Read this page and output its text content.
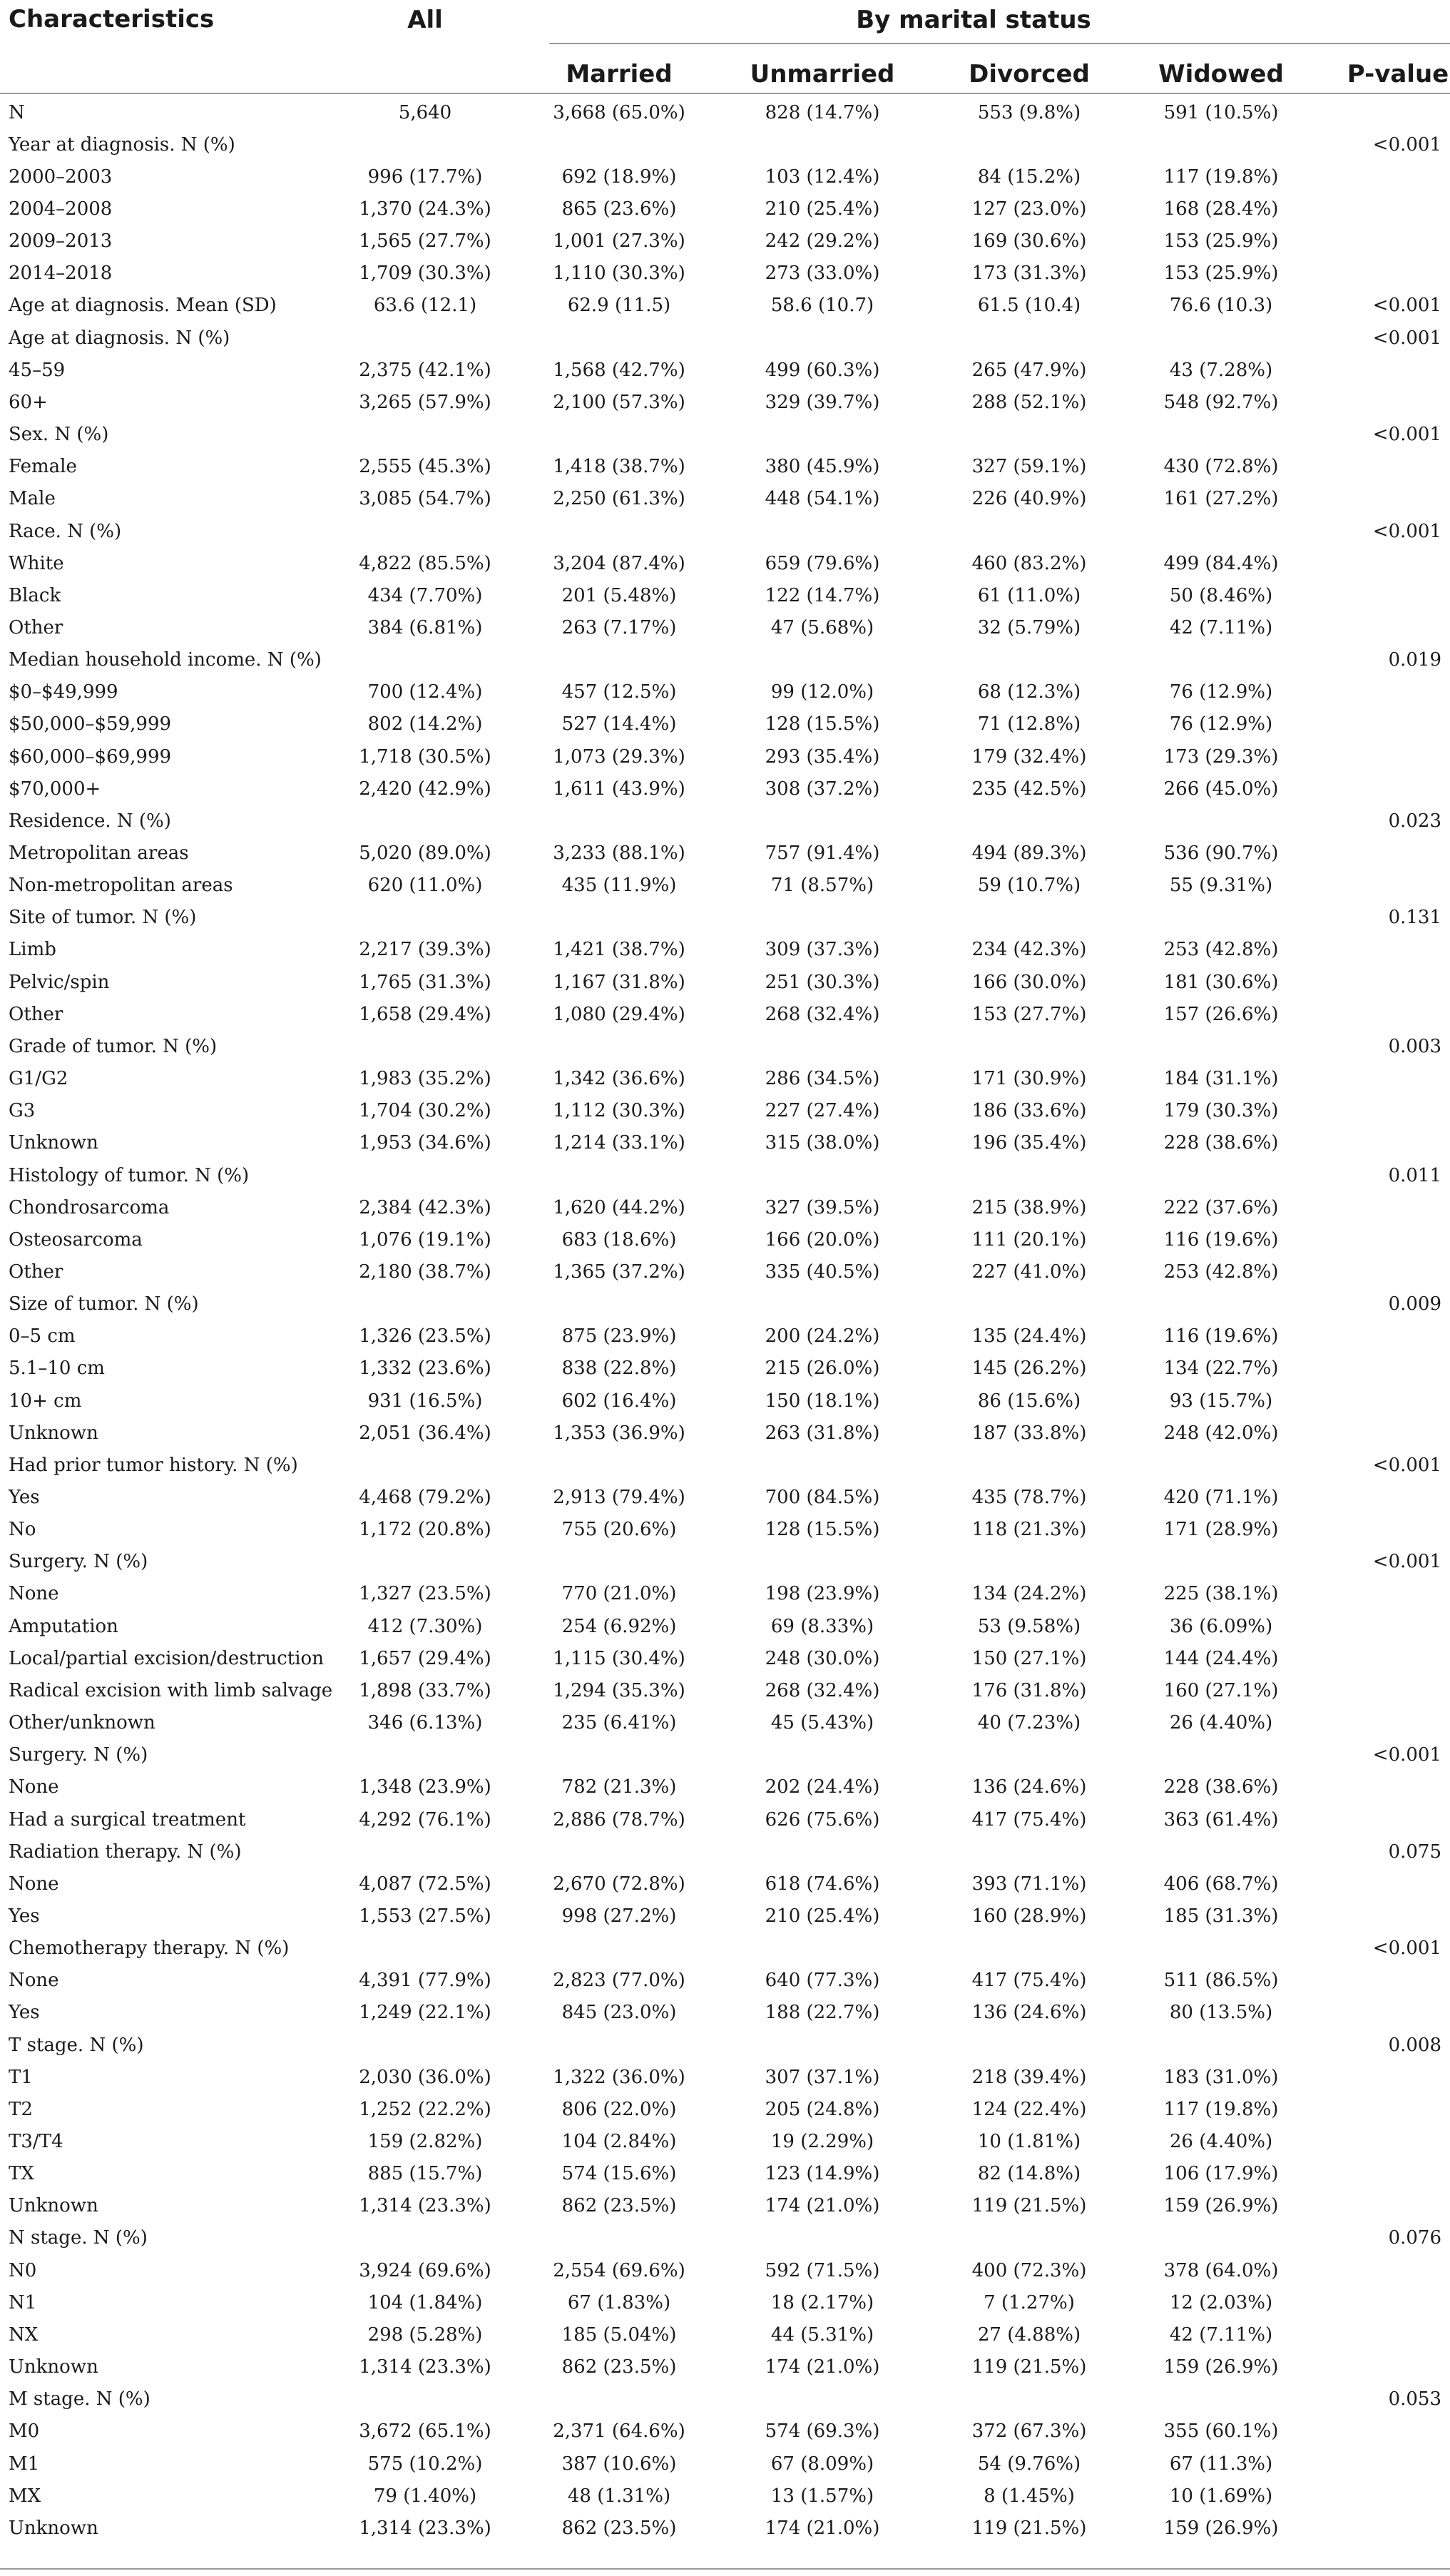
Characteristics	All	By marital status
Married	Unmarried	Divorced	Widowed	P-value
N	5,640	3,668 (65.0%)	828 (14.7%)	553 (9.8%)	591 (10.5%)
Year at diagnosis. N (%)	<0.001
2000–2003	996 (17.7%)	692 (18.9%)	103 (12.4%)	84 (15.2%)	117 (19.8%)
2004–2008	1,370 (24.3%)	865 (23.6%)	210 (25.4%)	127 (23.0%)	168 (28.4%)
2009–2013	1,565 (27.7%)	1,001 (27.3%)	242 (29.2%)	169 (30.6%)	153 (25.9%)
2014–2018	1,709 (30.3%)	1,110 (30.3%)	273 (33.0%)	173 (31.3%)	153 (25.9%)
Age at diagnosis. Mean (SD)	63.6 (12.1)	62.9 (11.5)	58.6 (10.7)	61.5 (10.4)	76.6 (10.3)	<0.001
Age at diagnosis. N (%)	<0.001
45–59	2,375 (42.1%)	1,568 (42.7%)	499 (60.3%)	265 (47.9%)	43 (7.28%)
60+	3,265 (57.9%)	2,100 (57.3%)	329 (39.7%)	288 (52.1%)	548 (92.7%)
Sex. N (%)	<0.001
Female	2,555 (45.3%)	1,418 (38.7%)	380 (45.9%)	327 (59.1%)	430 (72.8%)
Male	3,085 (54.7%)	2,250 (61.3%)	448 (54.1%)	226 (40.9%)	161 (27.2%)
Race. N (%)	<0.001
White	4,822 (85.5%)	3,204 (87.4%)	659 (79.6%)	460 (83.2%)	499 (84.4%)
Black	434 (7.70%)	201 (5.48%)	122 (14.7%)	61 (11.0%)	50 (8.46%)
Other	384 (6.81%)	263 (7.17%)	47 (5.68%)	32 (5.79%)	42 (7.11%)
Median household income. N (%)	0.019
$0–$49,999	700 (12.4%)	457 (12.5%)	99 (12.0%)	68 (12.3%)	76 (12.9%)
$50,000–$59,999	802 (14.2%)	527 (14.4%)	128 (15.5%)	71 (12.8%)	76 (12.9%)
$60,000–$69,999	1,718 (30.5%)	1,073 (29.3%)	293 (35.4%)	179 (32.4%)	173 (29.3%)
$70,000+	2,420 (42.9%)	1,611 (43.9%)	308 (37.2%)	235 (42.5%)	266 (45.0%)
Residence. N (%)	0.023
Metropolitan areas	5,020 (89.0%)	3,233 (88.1%)	757 (91.4%)	494 (89.3%)	536 (90.7%)
Non-metropolitan areas	620 (11.0%)	435 (11.9%)	71 (8.57%)	59 (10.7%)	55 (9.31%)
Site of tumor. N (%)	0.131
Limb	2,217 (39.3%)	1,421 (38.7%)	309 (37.3%)	234 (42.3%)	253 (42.8%)
Pelvic/spin	1,765 (31.3%)	1,167 (31.8%)	251 (30.3%)	166 (30.0%)	181 (30.6%)
Other	1,658 (29.4%)	1,080 (29.4%)	268 (32.4%)	153 (27.7%)	157 (26.6%)
Grade of tumor. N (%)	0.003
G1/G2	1,983 (35.2%)	1,342 (36.6%)	286 (34.5%)	171 (30.9%)	184 (31.1%)
G3	1,704 (30.2%)	1,112 (30.3%)	227 (27.4%)	186 (33.6%)	179 (30.3%)
Unknown	1,953 (34.6%)	1,214 (33.1%)	315 (38.0%)	196 (35.4%)	228 (38.6%)
Histology of tumor. N (%)	0.011
Chondrosarcoma	2,384 (42.3%)	1,620 (44.2%)	327 (39.5%)	215 (38.9%)	222 (37.6%)
Osteosarcoma	1,076 (19.1%)	683 (18.6%)	166 (20.0%)	111 (20.1%)	116 (19.6%)
Other	2,180 (38.7%)	1,365 (37.2%)	335 (40.5%)	227 (41.0%)	253 (42.8%)
Size of tumor. N (%)	0.009
0–5 cm	1,326 (23.5%)	875 (23.9%)	200 (24.2%)	135 (24.4%)	116 (19.6%)
5.1–10 cm	1,332 (23.6%)	838 (22.8%)	215 (26.0%)	145 (26.2%)	134 (22.7%)
10+ cm	931 (16.5%)	602 (16.4%)	150 (18.1%)	86 (15.6%)	93 (15.7%)
Unknown	2,051 (36.4%)	1,353 (36.9%)	263 (31.8%)	187 (33.8%)	248 (42.0%)
Had prior tumor history. N (%)	<0.001
Yes	4,468 (79.2%)	2,913 (79.4%)	700 (84.5%)	435 (78.7%)	420 (71.1%)
No	1,172 (20.8%)	755 (20.6%)	128 (15.5%)	118 (21.3%)	171 (28.9%)
Surgery. N (%)	<0.001
None	1,327 (23.5%)	770 (21.0%)	198 (23.9%)	134 (24.2%)	225 (38.1%)
Amputation	412 (7.30%)	254 (6.92%)	69 (8.33%)	53 (9.58%)	36 (6.09%)
Local/partial excision/destruction 1,657 (29.4%)	1,115 (30.4%)	248 (30.0%)	150 (27.1%)	144 (24.4%)
Radical excision with limb salvage 1,898 (33.7%)	1,294 (35.3%)	268 (32.4%)	176 (31.8%)	160 (27.1%)
Other/unknown	346 (6.13%)	235 (6.41%)	45 (5.43%)	40 (7.23%)	26 (4.40%)
Surgery. N (%)	<0.001
None	1,348 (23.9%)	782 (21.3%)	202 (24.4%)	136 (24.6%)	228 (38.6%)
Had a surgical treatment	4,292 (76.1%)	2,886 (78.7%)	626 (75.6%)	417 (75.4%)	363 (61.4%)
Radiation therapy. N (%)	0.075
None	4,087 (72.5%)	2,670 (72.8%)	618 (74.6%)	393 (71.1%)	406 (68.7%)
Yes	1,553 (27.5%)	998 (27.2%)	210 (25.4%)	160 (28.9%)	185 (31.3%)
Chemotherapy therapy. N (%)	<0.001
None	4,391 (77.9%)	2,823 (77.0%)	640 (77.3%)	417 (75.4%)	511 (86.5%)
Yes	1,249 (22.1%)	845 (23.0%)	188 (22.7%)	136 (24.6%)	80 (13.5%)
T stage. N (%)	0.008
T1	2,030 (36.0%)	1,322 (36.0%)	307 (37.1%)	218 (39.4%)	183 (31.0%)
T2	1,252 (22.2%)	806 (22.0%)	205 (24.8%)	124 (22.4%)	117 (19.8%)
T3/T4	159 (2.82%)	104 (2.84%)	19 (2.29%)	10 (1.81%)	26 (4.40%)
TX	885 (15.7%)	574 (15.6%)	123 (14.9%)	82 (14.8%)	106 (17.9%)
Unknown	1,314 (23.3%)	862 (23.5%)	174 (21.0%)	119 (21.5%)	159 (26.9%)
N stage. N (%)	0.076
N0	3,924 (69.6%)	2,554 (69.6%)	592 (71.5%)	400 (72.3%)	378 (64.0%)
N1	104 (1.84%)	67 (1.83%)	18 (2.17%)	7 (1.27%)	12 (2.03%)
NX	298 (5.28%)	185 (5.04%)	44 (5.31%)	27 (4.88%)	42 (7.11%)
Unknown	1,314 (23.3%)	862 (23.5%)	174 (21.0%)	119 (21.5%)	159 (26.9%)
M stage. N (%)	0.053
M0	3,672 (65.1%)	2,371 (64.6%)	574 (69.3%)	372 (67.3%)	355 (60.1%)
M1	575 (10.2%)	387 (10.6%)	67 (8.09%)	54 (9.76%)	67 (11.3%)
MX	79 (1.40%)	48 (1.31%)	13 (1.57%)	8 (1.45%)	10 (1.69%)
Unknown	1,314 (23.3%)	862 (23.5%)	174 (21.0%)	119 (21.5%)	159 (26.9%)
